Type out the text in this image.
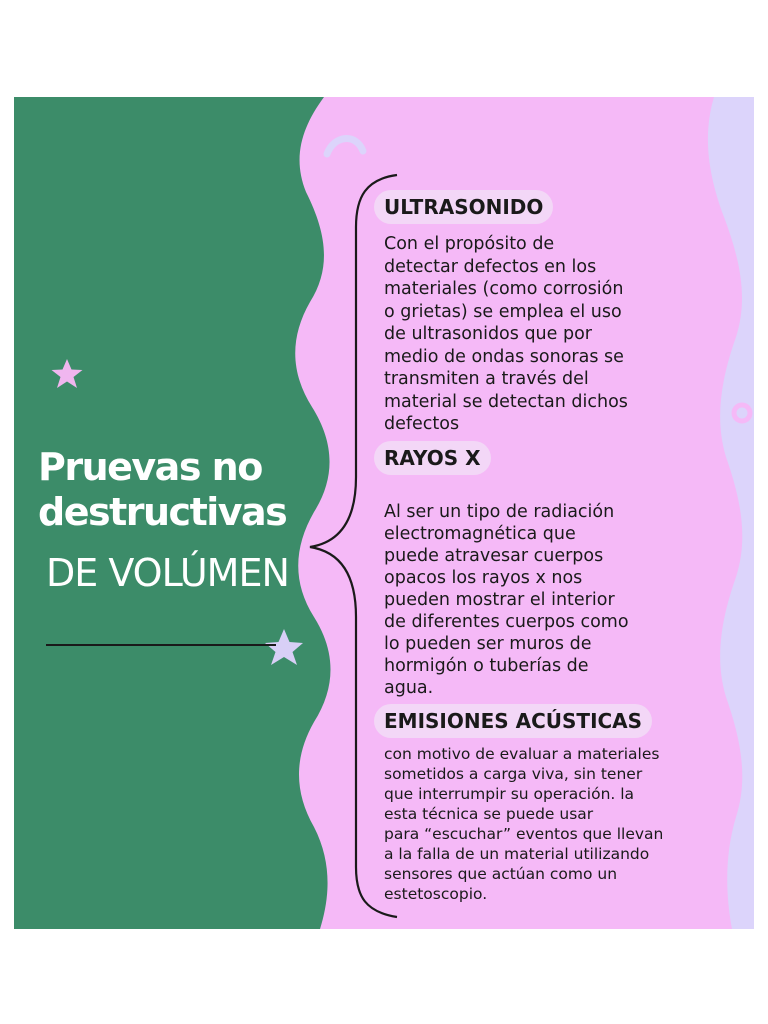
Pruevas no destructivas
DE VOLÚMEN
ULTRASONIDO

Con el propósito de
detectar defectos en los
materiales (como corrosión
o grietas) se emplea el uso
de ultrasonidos que por
medio de ondas sonoras se
transmiten a través del
material se detectan dichos
defectos

RAYOS X

Al ser un tipo de radiación
electromagnética que
puede atravesar cuerpos
opacos los rayos x nos
pueden mostrar el interior
de diferentes cuerpos como
lo pueden ser muros de
hormigón o tuberías de
agua.

EMISIONES ACÚSTICAS

con motivo de evaluar a materiales
sometidos a carga viva, sin tener
que interrumpir su operación. la
esta técnica se puede usar
para “escuchar” eventos que llevan
a la falla de un material utilizando
sensores que actúan como un
estetoscopio.
